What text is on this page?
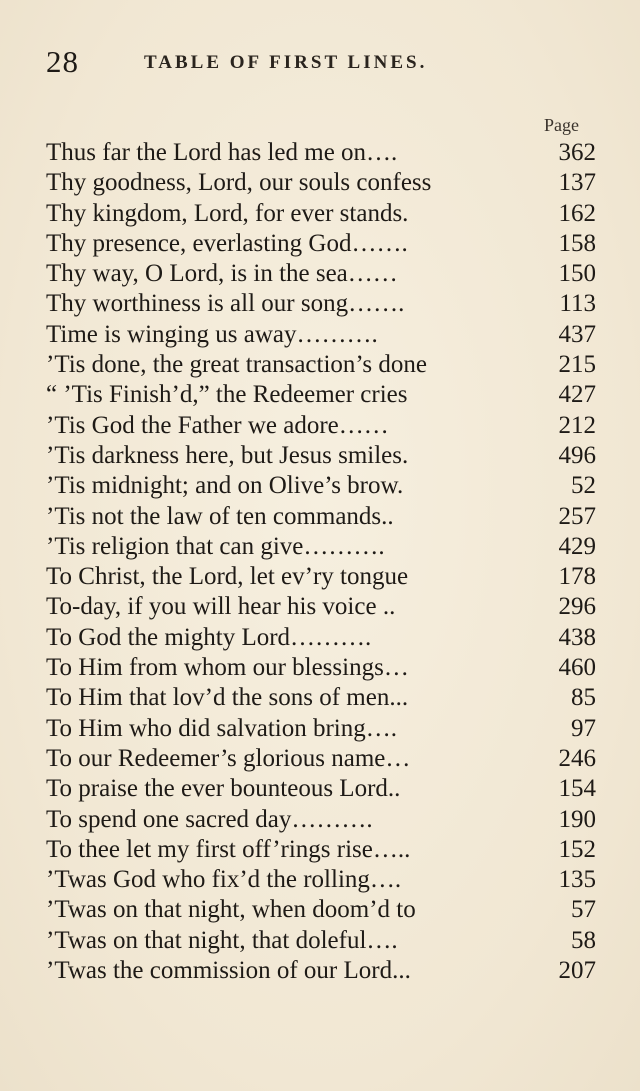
28	TABLE OF FIRST LINES.
Page
Thus far the Lord has led me on….	362
Thy goodness, Lord, our souls confess	137
Thy kingdom, Lord, for ever stands.	162
Thy presence, everlasting God…….	158
Thy way, O Lord, is in the sea……	150
Thy worthiness is all our song…….	113
Time is winging us away……….	437
’Tis done, the great transaction’s done	215
“ ’Tis Finish’d,” the Redeemer cries	427
’Tis God the Father we adore……	212
’Tis darkness here, but Jesus smiles.	496
’Tis midnight; and on Olive’s brow.	52
’Tis not the law of ten commands..	257
’Tis religion that can give……….	429
To Christ, the Lord, let ev’ry tongue	178
To-day, if you will hear his voice ..	296
To God the mighty Lord……….	438
To Him from whom our blessings…	460
To Him that lov’d the sons of men...	85
To Him who did salvation bring….	97
To our Redeemer’s glorious name…	246
To praise the ever bounteous Lord..	154
To spend one sacred day……….	190
To thee let my first off’rings rise…..	152
’Twas God who fix’d the rolling….	135
’Twas on that night, when doom’d to	57
’Twas on that night, that doleful….	58
’Twas the commission of our Lord...	207
